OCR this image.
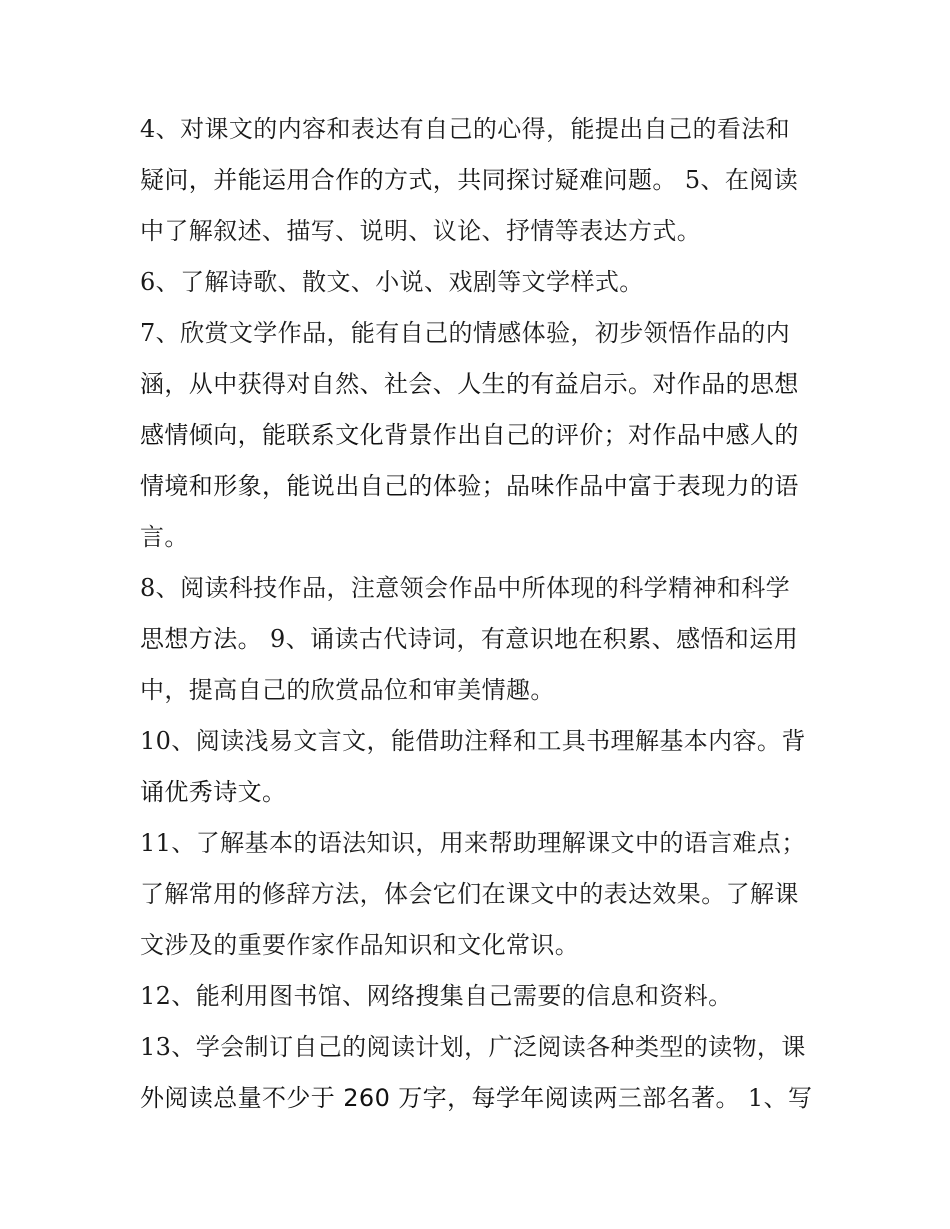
4、对课文的内容和表达有自己的心得，能提出自己的看法和
疑问，并能运用合作的方式，共同探讨疑难问题。 5、在阅读
中了解叙述、描写、说明、议论、抒情等表达方式。
6、了解诗歌、散文、小说、戏剧等文学样式。
7、欣赏文学作品，能有自己的情感体验，初步领悟作品的内
涵，从中获得对自然、社会、人生的有益启示。对作品的思想
感情倾向，能联系文化背景作出自己的评价；对作品中感人的
情境和形象，能说出自己的体验；品味作品中富于表现力的语
言。
8、阅读科技作品，注意领会作品中所体现的科学精神和科学
思想方法。 9、诵读古代诗词，有意识地在积累、感悟和运用
中，提高自己的欣赏品位和审美情趣。
10、阅读浅易文言文，能借助注释和工具书理解基本内容。背
诵优秀诗文。
11、了解基本的语法知识，用来帮助理解课文中的语言难点；
了解常用的修辞方法，体会它们在课文中的表达效果。了解课
文涉及的重要作家作品知识和文化常识。
12、能利用图书馆、网络搜集自己需要的信息和资料。
13、学会制订自己的阅读计划，广泛阅读各种类型的读物，课
外阅读总量不少于 260 万字，每学年阅读两三部名著。 1、写
